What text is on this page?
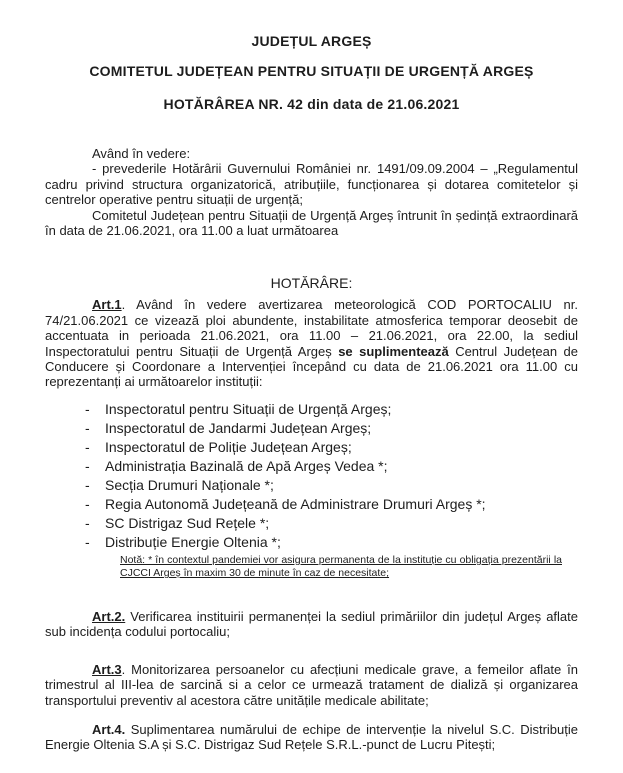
JUDEȚUL ARGEȘ
COMITETUL JUDEȚEAN PENTRU SITUAȚII DE URGENȚĂ ARGEȘ
HOTĂRÂREA NR. 42 din data de 21.06.2021

Având în vedere:

- prevederile Hotărârii Guvernului României nr. 1491/09.09.2004 – „Regulamentul cadru privind structura organizatorică, atribuțiile, funcționarea și dotarea comitetelor și centrelor operative pentru situații de urgență;

Comitetul Județean pentru Situații de Urgență Argeș întrunit în ședință extraordinară în data de 21.06.2021, ora 11.00 a luat următoarea

HOTĂRÂRE:

Art.1. Având în vedere avertizarea meteorologică COD PORTOCALIU nr. 74/21.06.2021 ce vizează ploi abundente, instabilitate atmosferica temporar deosebit de accentuata in perioada 21.06.2021, ora 11.00 – 21.06.2021, ora 22.00, la sediul Inspectoratului pentru Situații de Urgență Argeș se suplimentează Centrul Județean de Conducere și Coordonare a Intervenției începând cu data de 21.06.2021 ora 11.00 cu reprezentanți ai următoarelor instituții:

- Inspectoratul pentru Situații de Urgență Argeș;
- Inspectoratul de Jandarmi Județean Argeș;
- Inspectoratul de Poliție Județean Argeș;
- Administrația Bazinală de Apă Argeș Vedea *;
- Secția Drumuri Naționale *;
- Regia Autonomă Județeană de Administrare Drumuri Argeș *;
- SC Distrigaz Sud Rețele *;
- Distribuție Energie Oltenia *;
Notă: * în contextul pandemiei vor asigura permanenta de la instituție cu obligația prezentării la CJCCI Argeș în maxim 30 de minute în caz de necesitate;

Art.2. Verificarea instituirii permanenței la sediul primăriilor din județul Argeș aflate sub incidența codului portocaliu;

Art.3. Monitorizarea persoanelor cu afecțiuni medicale grave, a femeilor aflate în trimestrul al III-lea de sarcină si a celor ce urmează tratament de dializă și organizarea transportului preventiv al acestora către unitățile medicale abilitate;

Art.4. Suplimentarea numărului de echipe de intervenție la nivelul S.C. Distribuție Energie Oltenia S.A și S.C. Distrigaz Sud Rețele S.R.L.-punct de Lucru Pitești;
